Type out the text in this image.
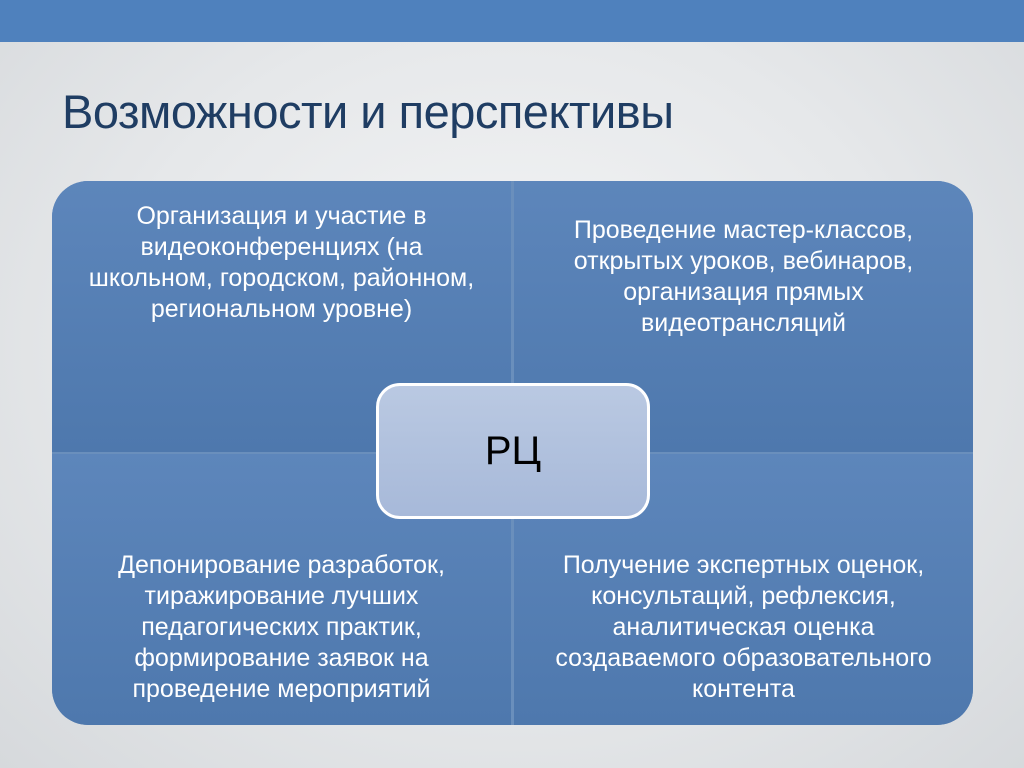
Возможности и перспективы
Организация и участие в видеоконференциях (на школьном, городском, районном, региональном уровне)
Проведение мастер-классов, открытых уроков, вебинаров, организация прямых видеотрансляций
Депонирование разработок, тиражирование лучших педагогических практик, формирование заявок на проведение мероприятий
Получение экспертных оценок, консультаций, рефлексия, аналитическая оценка создаваемого образовательного контента
РЦ
